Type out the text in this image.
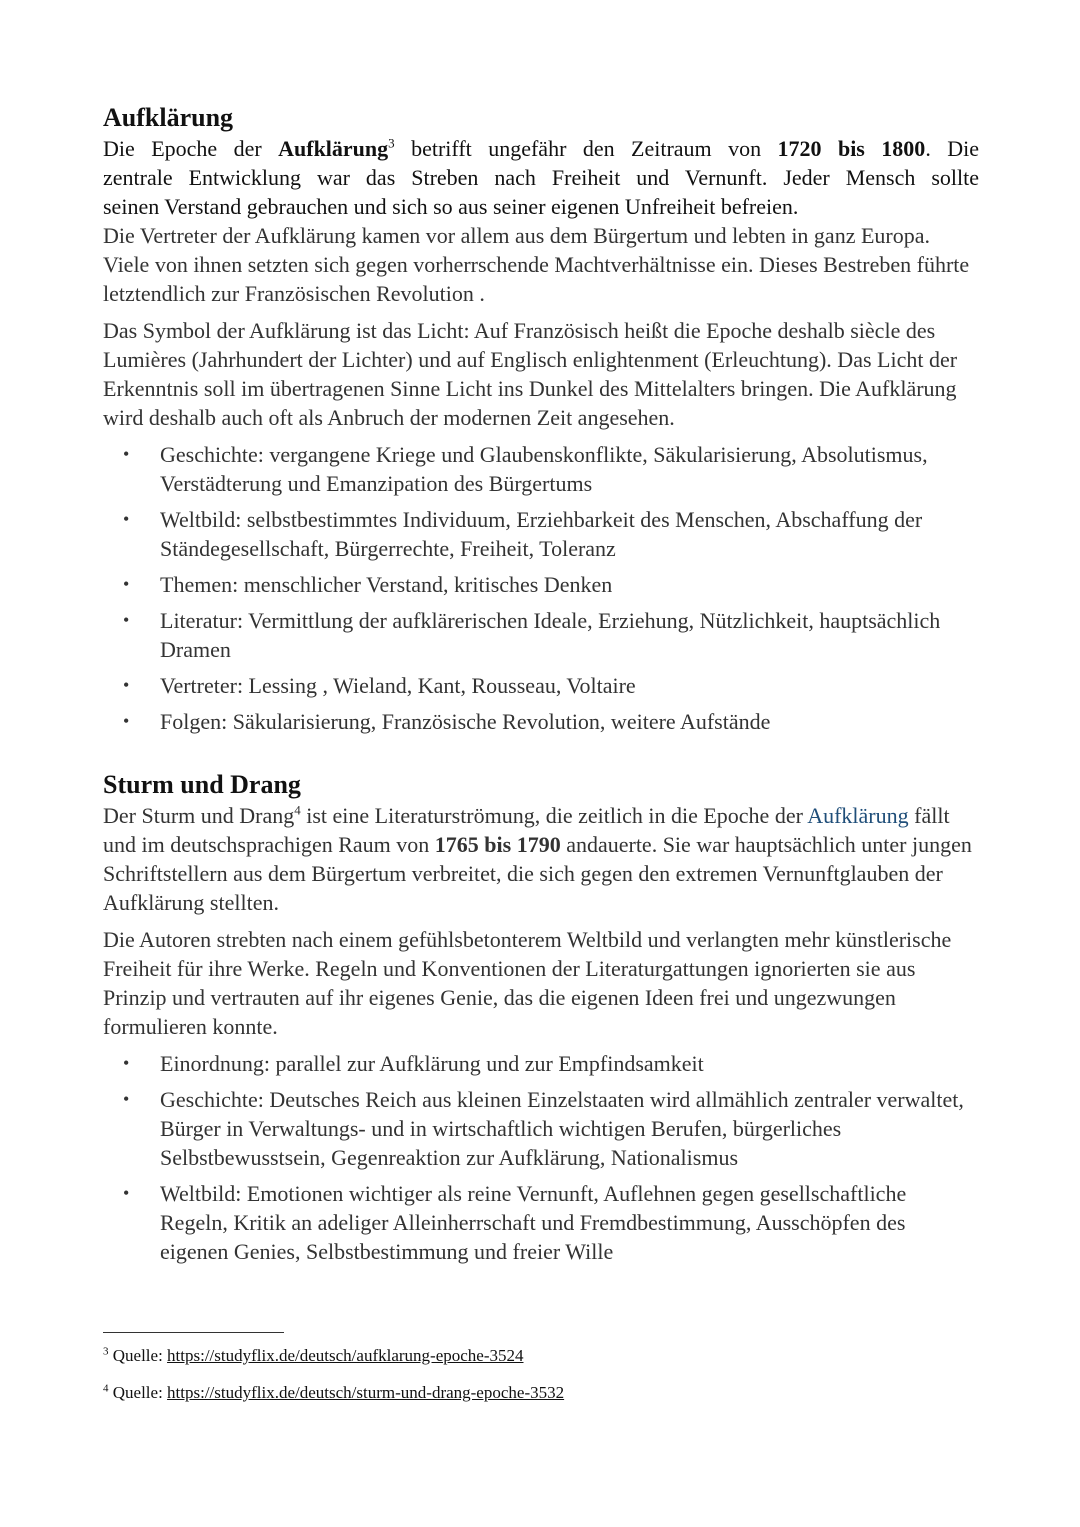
Aufklärung

Die Epoche der Aufklärung$^3$ betrifft ungefähr den Zeitraum von 1720 bis 1800. Die

zentrale Entwicklung war das Streben nach Freiheit und Vernunft. Jeder Mensch sollte

seinen Verstand gebrauchen und sich so aus seiner eigenen Unfreiheit befreien.

Die Vertreter der Aufklärung kamen vor allem aus dem Bürgertum und lebten in ganz Europa. Viele von ihnen setzten sich gegen vorherrschende Machtverhältnisse ein. Dieses Bestreben führte letztendlich zur Französischen Revolution .

Das Symbol der Aufklärung ist das Licht: Auf Französisch heißt die Epoche deshalb siècle des Lumières (Jahrhundert der Lichter) und auf Englisch enlightenment (Erleuchtung). Das Licht der Erkenntnis soll im übertragenen Sinne Licht ins Dunkel des Mittelalters bringen. Die Aufklärung wird deshalb auch oft als Anbruch der modernen Zeit angesehen.

• Geschichte: vergangene Kriege und Glaubenskonflikte, Säkularisierung, Absolutismus, Verstädterung und Emanzipation des Bürgertums
• Weltbild: selbstbestimmtes Individuum, Erziehbarkeit des Menschen, Abschaffung der Ständegesellschaft, Bürgerrechte, Freiheit, Toleranz
• Themen: menschlicher Verstand, kritisches Denken
• Literatur: Vermittlung der aufklärerischen Ideale, Erziehung, Nützlichkeit, hauptsächlich Dramen
• Vertreter: Lessing , Wieland, Kant, Rousseau, Voltaire
• Folgen: Säkularisierung, Französische Revolution, weitere Aufstände
Sturm und Drang

Der Sturm und Drang$^4$ ist eine Literaturströmung, die zeitlich in die Epoche der Aufklärung fällt und im deutschsprachigen Raum von 1765 bis 1790 andauerte. Sie war hauptsächlich unter jungen Schriftstellern aus dem Bürgertum verbreitet, die sich gegen den extremen Vernunftglauben der Aufklärung stellten.

Die Autoren strebten nach einem gefühlsbetonterem Weltbild und verlangten mehr künstlerische Freiheit für ihre Werke. Regeln und Konventionen der Literaturgattungen ignorierten sie aus Prinzip und vertrauten auf ihr eigenes Genie, das die eigenen Ideen frei und ungezwungen formulieren konnte.

• Einordnung: parallel zur Aufklärung und zur Empfindsamkeit
• Geschichte: Deutsches Reich aus kleinen Einzelstaaten wird allmählich zentraler verwaltet, Bürger in Verwaltungs- und in wirtschaftlich wichtigen Berufen, bürgerliches Selbstbewusstsein, Gegenreaktion zur Aufklärung, Nationalismus
• Weltbild: Emotionen wichtiger als reine Vernunft, Auflehnen gegen gesellschaftliche Regeln, Kritik an adeliger Alleinherrschaft und Fremdbestimmung, Ausschöpfen des eigenen Genies, Selbstbestimmung und freier Wille
$^3$ Quelle: https://studyflix.de/deutsch/aufklarung-epoche-3524
$^4$ Quelle: https://studyflix.de/deutsch/sturm-und-drang-epoche-3532
